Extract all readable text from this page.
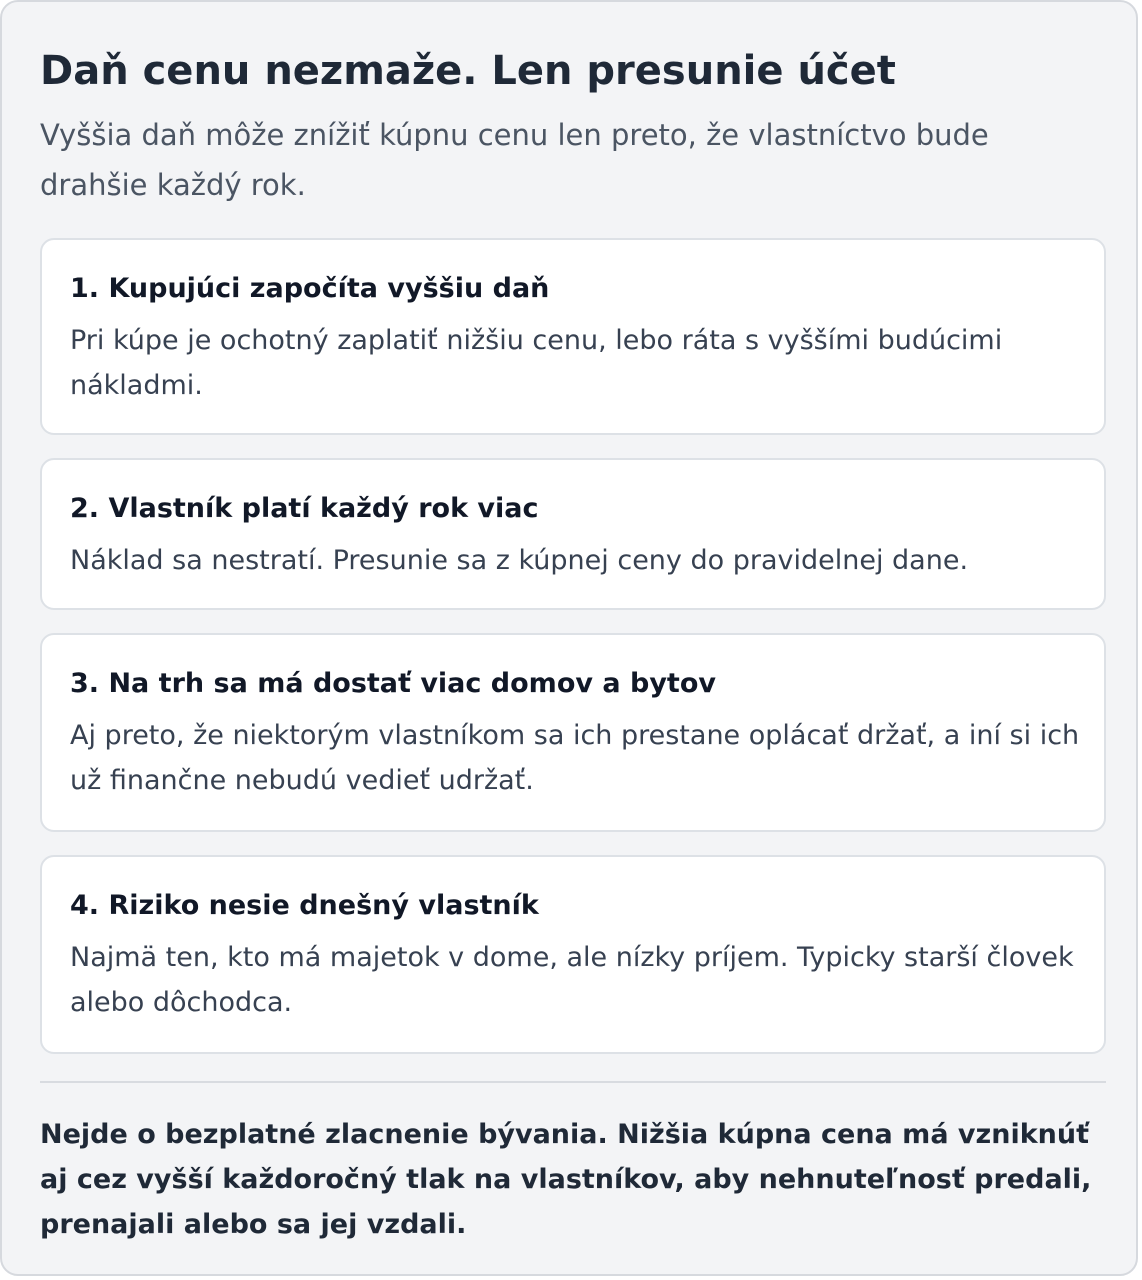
Daň cenu nezmaže. Len presunie účet

Vyššia daň môže znížiť kúpnu cenu len preto, že vlastníctvo bude drahšie každý rok.

1. Kupujúci započíta vyššiu daň

Pri kúpe je ochotný zaplatiť nižšiu cenu, lebo ráta s vyššími budúcimi nákladmi.

2. Vlastník platí každý rok viac

Náklad sa nestratí. Presunie sa z kúpnej ceny do pravidelnej dane.

3. Na trh sa má dostať viac domov a bytov

Aj preto, že niektorým vlastníkom sa ich prestane oplácať držať, a iní si ich už finančne nebudú vedieť udržať.

4. Riziko nesie dnešný vlastník

Najmä ten, kto má majetok v dome, ale nízky príjem. Typicky starší človek alebo dôchodca.

Nejde o bezplatné zlacnenie bývania. Nižšia kúpna cena má vzniknúť aj cez vyšší každoročný tlak na vlastníkov, aby nehnuteľnosť predali, prenajali alebo sa jej vzdali.
